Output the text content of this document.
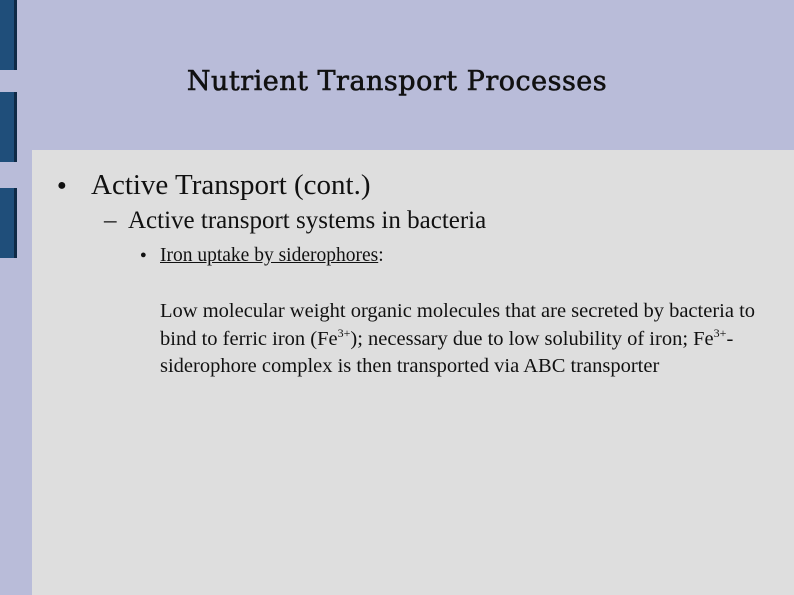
Nutrient Transport Processes
● Active Transport (cont.)
– Active transport systems in bacteria
● Iron uptake by siderophores:
Low molecular weight organic molecules that are secreted by bacteria to bind to ferric iron $(Fe^{3+})$; necessary due to low solubility of iron; $Fe^{3+}-$ siderophore complex is then transported via ABC transporter
